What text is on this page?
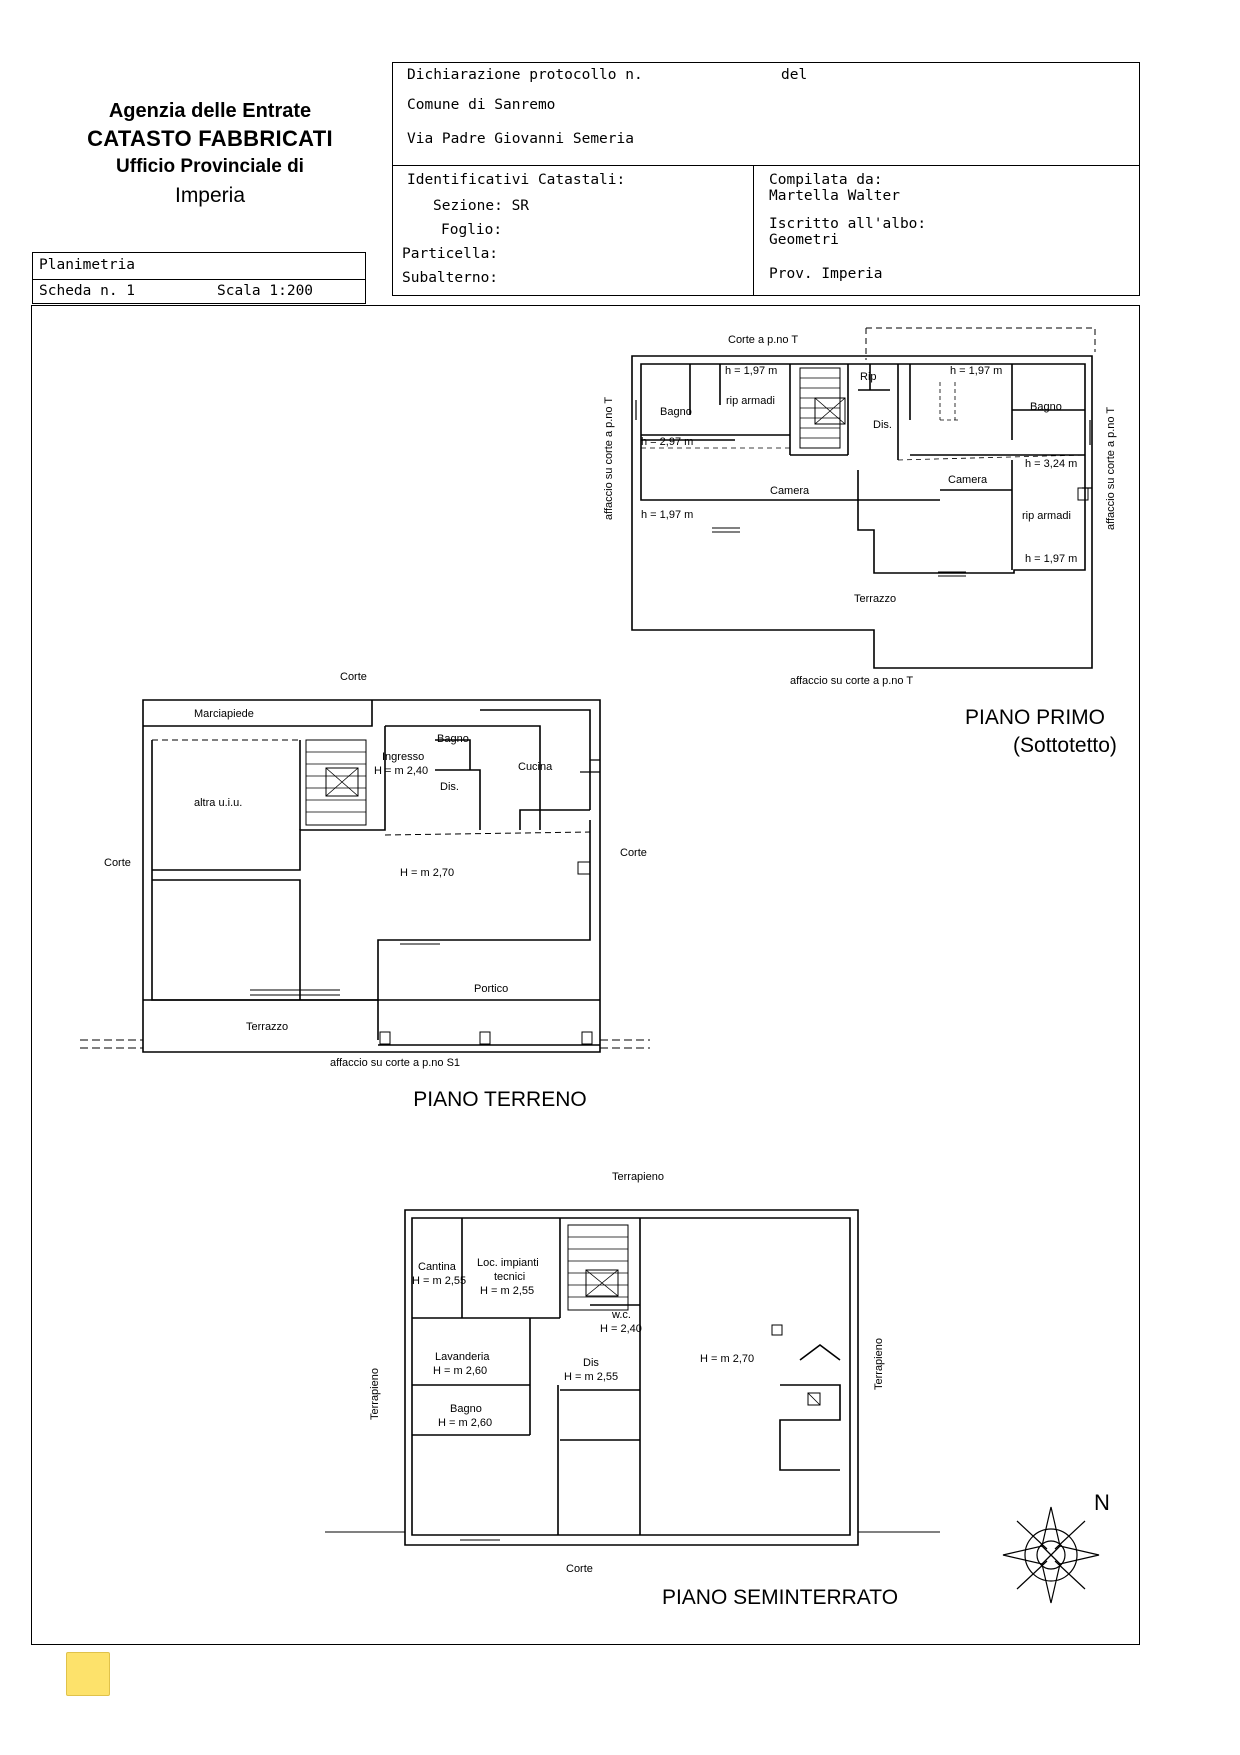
Agenzia delle Entrate
CATASTO FABBRICATI
Ufficio Provinciale di
Imperia
Planimetria
Scheda n. 1	Scala 1:200
Dichiarazione protocollo n.	del
Comune di Sanremo
Via Padre Giovanni Semeria
Identificativi Catastali:
Sezione: SR
Foglio:
Particella:
Subalterno:
Compilata da:
Martella Walter
Iscritto all'albo:
Geometri
Prov. Imperia
PIANO PRIMO
(Sottotetto)
PIANO TERRENO
PIANO SEMINTERRATO
Corte a p.no T
Bagno
rip armadi
h = 1,97 m
h = 2,97 m
Camera
h = 1,97 m
Rip
Dis.
h = 1,97 m
Bagno
h = 3,24 m
Camera
rip armadi
h = 1,97 m
Terrazzo
affaccio su corte a p.no T
affaccio su corte a p.no T	affaccio su corte a p.no T
Corte
Marciapiede
altra u.i.u.
Ingresso
H = m 2,40
Bagno
Dis.
Cucina
H = m 2,70
Portico
Terrazzo
Corte
Corte
affaccio su corte a p.no S1
Terrapieno
Cantina
H = m 2,55
Loc. impianti
tecnici
H = m 2,55
w.c.
H = 2,40
Lavanderia
H = m 2,60
Dis
H = m 2,55
Bagno
H = m 2,60
H = m 2,70
Terrapieno
Terrapieno
Corte
N
